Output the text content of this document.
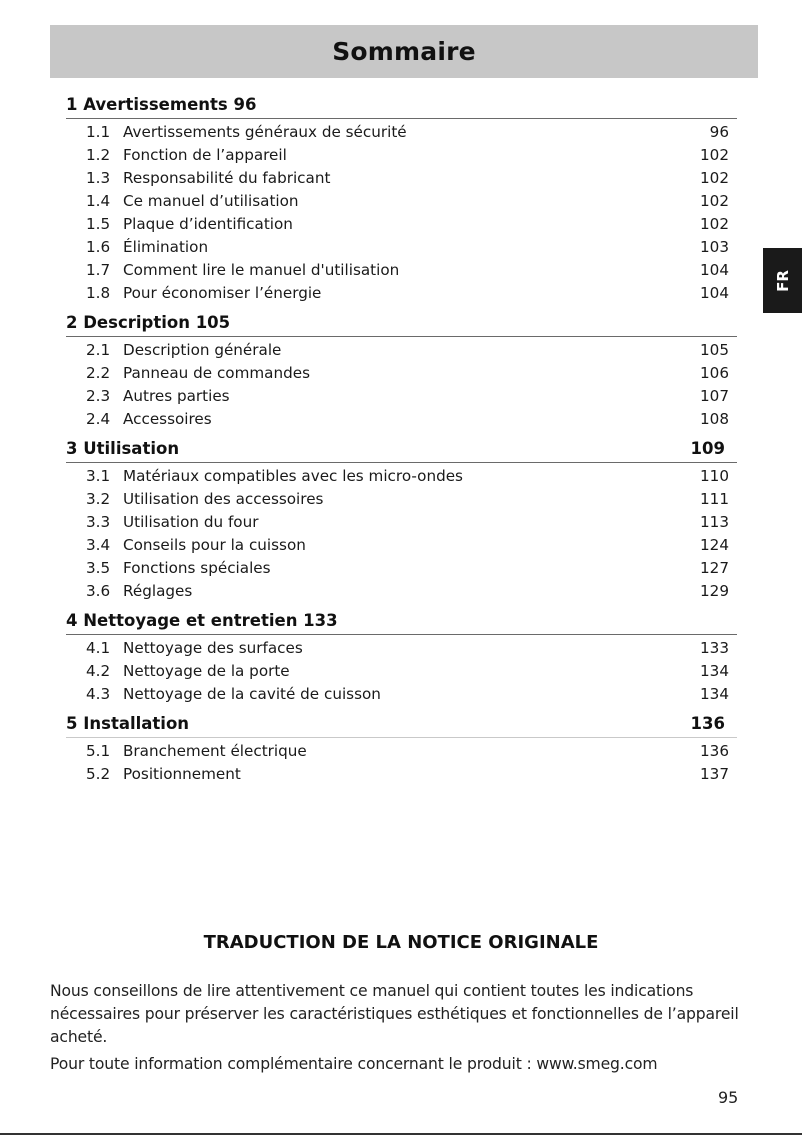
Sommaire
FR
1 Avertissements 96
1.1 Avertissements généraux de sécurité	96
1.2 Fonction de l’appareil	102
1.3 Responsabilité du fabricant	102
1.4 Ce manuel d’utilisation	102
1.5 Plaque d’identification	102
1.6 Élimination	103
1.7 Comment lire le manuel d'utilisation	104
1.8 Pour économiser l’énergie	104
2 Description 105
2.1 Description générale	105
2.2 Panneau de commandes	106
2.3 Autres parties	107
2.4 Accessoires	108
3 Utilisation	109
3.1 Matériaux compatibles avec les micro-ondes	110
3.2 Utilisation des accessoires	111
3.3 Utilisation du four	113
3.4 Conseils pour la cuisson	124
3.5 Fonctions spéciales	127
3.6 Réglages	129
4 Nettoyage et entretien 133
4.1 Nettoyage des surfaces	133
4.2 Nettoyage de la porte	134
4.3 Nettoyage de la cavité de cuisson	134
5 Installation	136
5.1 Branchement électrique	136
5.2 Positionnement	137
TRADUCTION DE LA NOTICE ORIGINALE

Nous conseillons de lire attentivement ce manuel qui contient toutes les indications nécessaires pour préserver les caractéristiques esthétiques et fonctionnelles de l’appareil acheté.

Pour toute information complémentaire concernant le produit : www.smeg.com

95
